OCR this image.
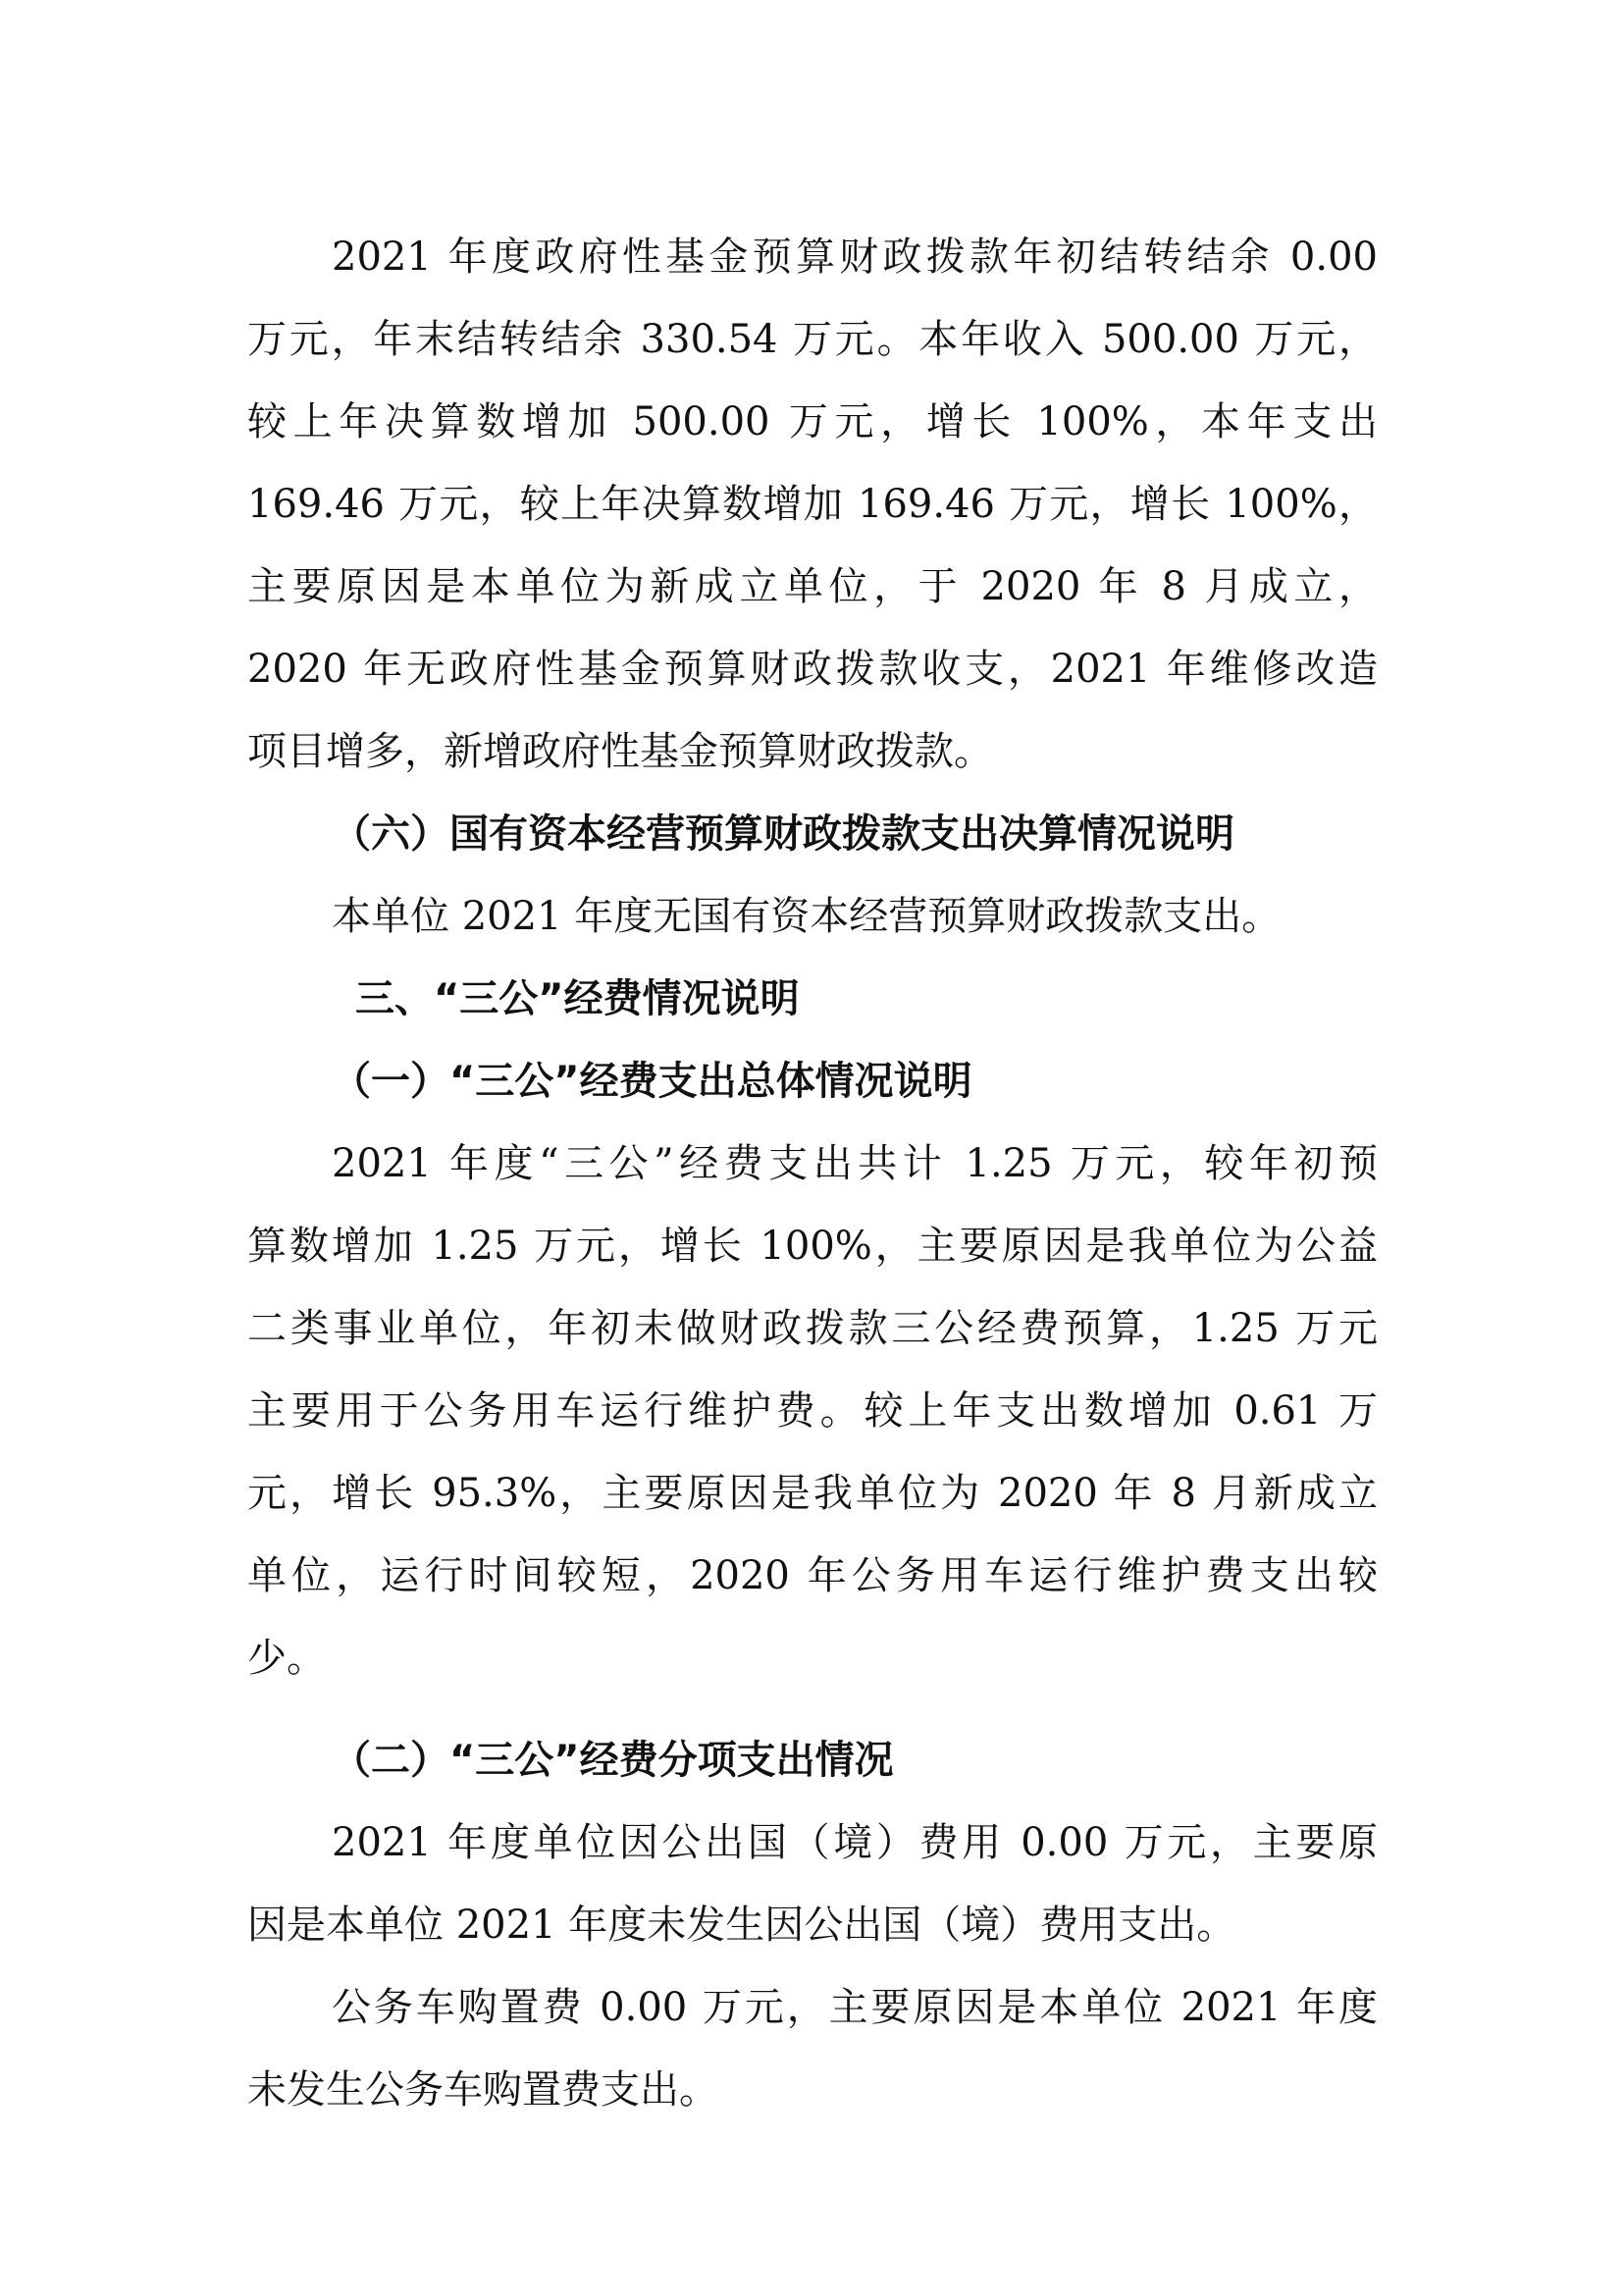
2021 年度政府性基金预算财政拨款年初结转结余 0.00
万元，年末结转结余 330.54 万元。本年收入 500.00 万元，
较上年决算数增加 500.00 万元，增长 100%，本年支出
169.46 万元，较上年决算数增加 169.46 万元，增长 100%，
主要原因是本单位为新成立单位，于 2020 年 8 月成立，
2020 年无政府性基金预算财政拨款收支，2021 年维修改造
项目增多，新增政府性基金预算财政拨款。
（六）国有资本经营预算财政拨款支出决算情况说明
本单位 2021 年度无国有资本经营预算财政拨款支出。
三、“三公”经费情况说明
（一）“三公”经费支出总体情况说明
2021 年度“三公”经费支出共计 1.25 万元，较年初预
算数增加 1.25 万元，增长 100%，主要原因是我单位为公益
二类事业单位，年初未做财政拨款三公经费预算，1.25 万元
主要用于公务用车运行维护费。较上年支出数增加 0.61 万
元，增长 95.3%，主要原因是我单位为 2020 年 8 月新成立
单位，运行时间较短，2020 年公务用车运行维护费支出较
少。
（二）“三公”经费分项支出情况
2021 年度单位因公出国（境）费用 0.00 万元，主要原
因是本单位 2021 年度未发生因公出国（境）费用支出。
公务车购置费 0.00 万元，主要原因是本单位 2021 年度
未发生公务车购置费支出。
